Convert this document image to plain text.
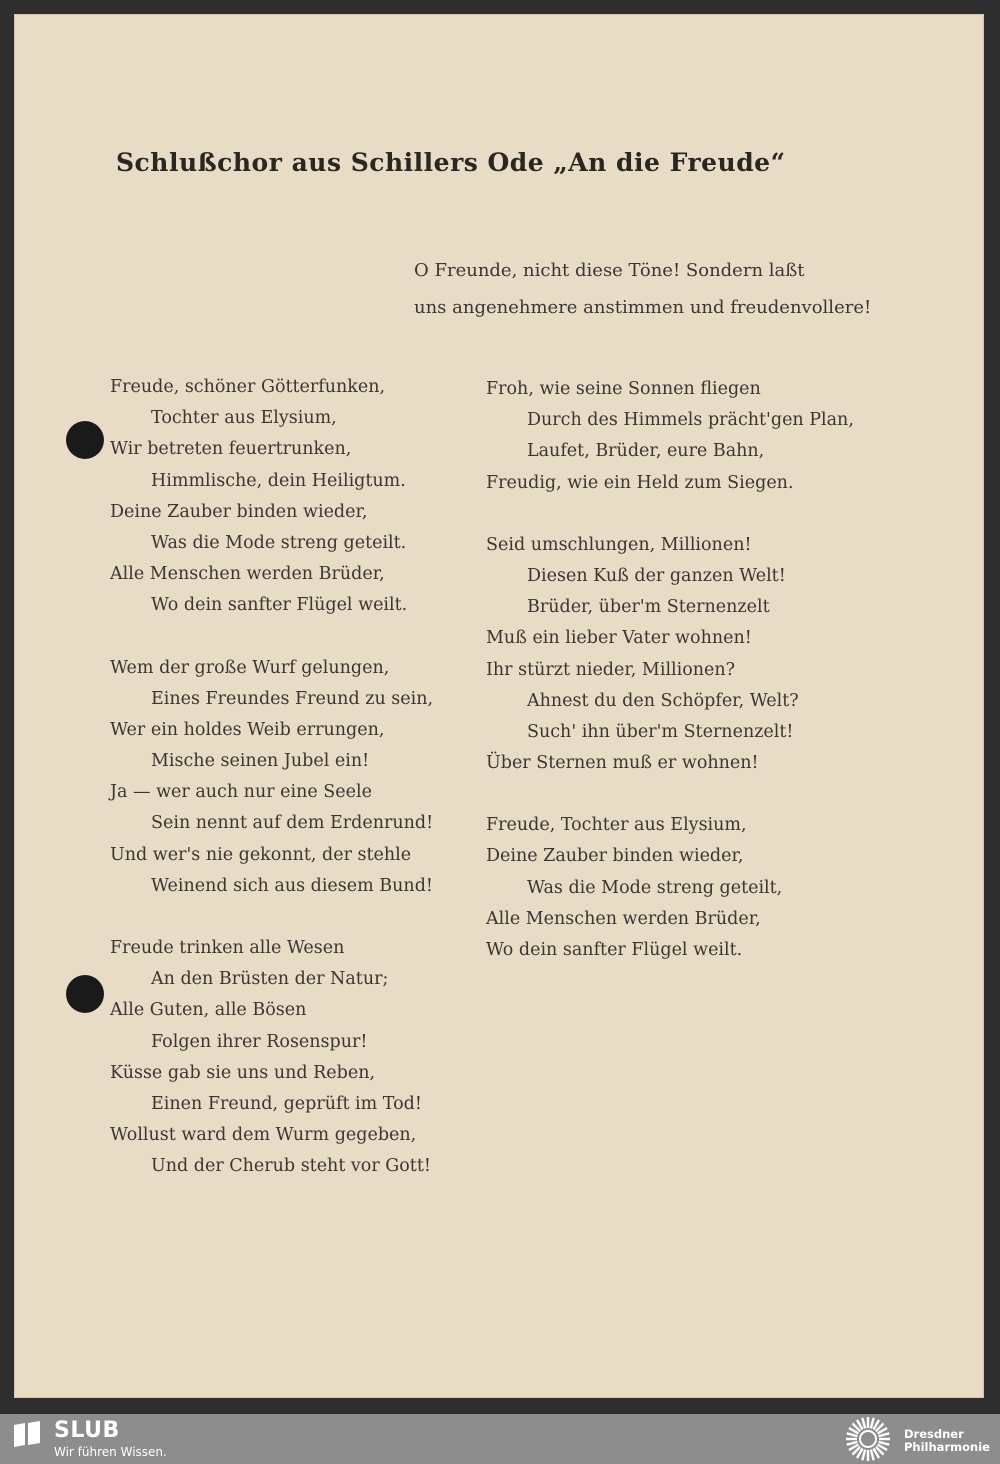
Schlußchor aus Schillers Ode „An die Freude“
O Freunde, nicht diese Töne! Sondern laßt
uns angenehmere anstimmen und freudenvollere!
Freude, schöner Götterfunken,
Tochter aus Elysium,
Wir betreten feuertrunken,
Himmlische, dein Heiligtum.
Deine Zauber binden wieder,
Was die Mode streng geteilt.
Alle Menschen werden Brüder,
Wo dein sanfter Flügel weilt.
Wem der große Wurf gelungen,
Eines Freundes Freund zu sein,
Wer ein holdes Weib errungen,
Mische seinen Jubel ein!
Ja — wer auch nur eine Seele
Sein nennt auf dem Erdenrund!
Und wer's nie gekonnt, der stehle
Weinend sich aus diesem Bund!
Freude trinken alle Wesen
An den Brüsten der Natur;
Alle Guten, alle Bösen
Folgen ihrer Rosenspur!
Küsse gab sie uns und Reben,
Einen Freund, geprüft im Tod!
Wollust ward dem Wurm gegeben,
Und der Cherub steht vor Gott!
Froh, wie seine Sonnen fliegen
Durch des Himmels prächt'gen Plan,
Laufet, Brüder, eure Bahn,
Freudig, wie ein Held zum Siegen.
Seid umschlungen, Millionen!
Diesen Kuß der ganzen Welt!
Brüder, über'm Sternenzelt
Muß ein lieber Vater wohnen!
Ihr stürzt nieder, Millionen?
Ahnest du den Schöpfer, Welt?
Such' ihn über'm Sternenzelt!
Über Sternen muß er wohnen!
Freude, Tochter aus Elysium,
Deine Zauber binden wieder,
Was die Mode streng geteilt,
Alle Menschen werden Brüder,
Wo dein sanfter Flügel weilt.
SLUB
Wir führen Wissen.
Dresdner
Philharmonie
